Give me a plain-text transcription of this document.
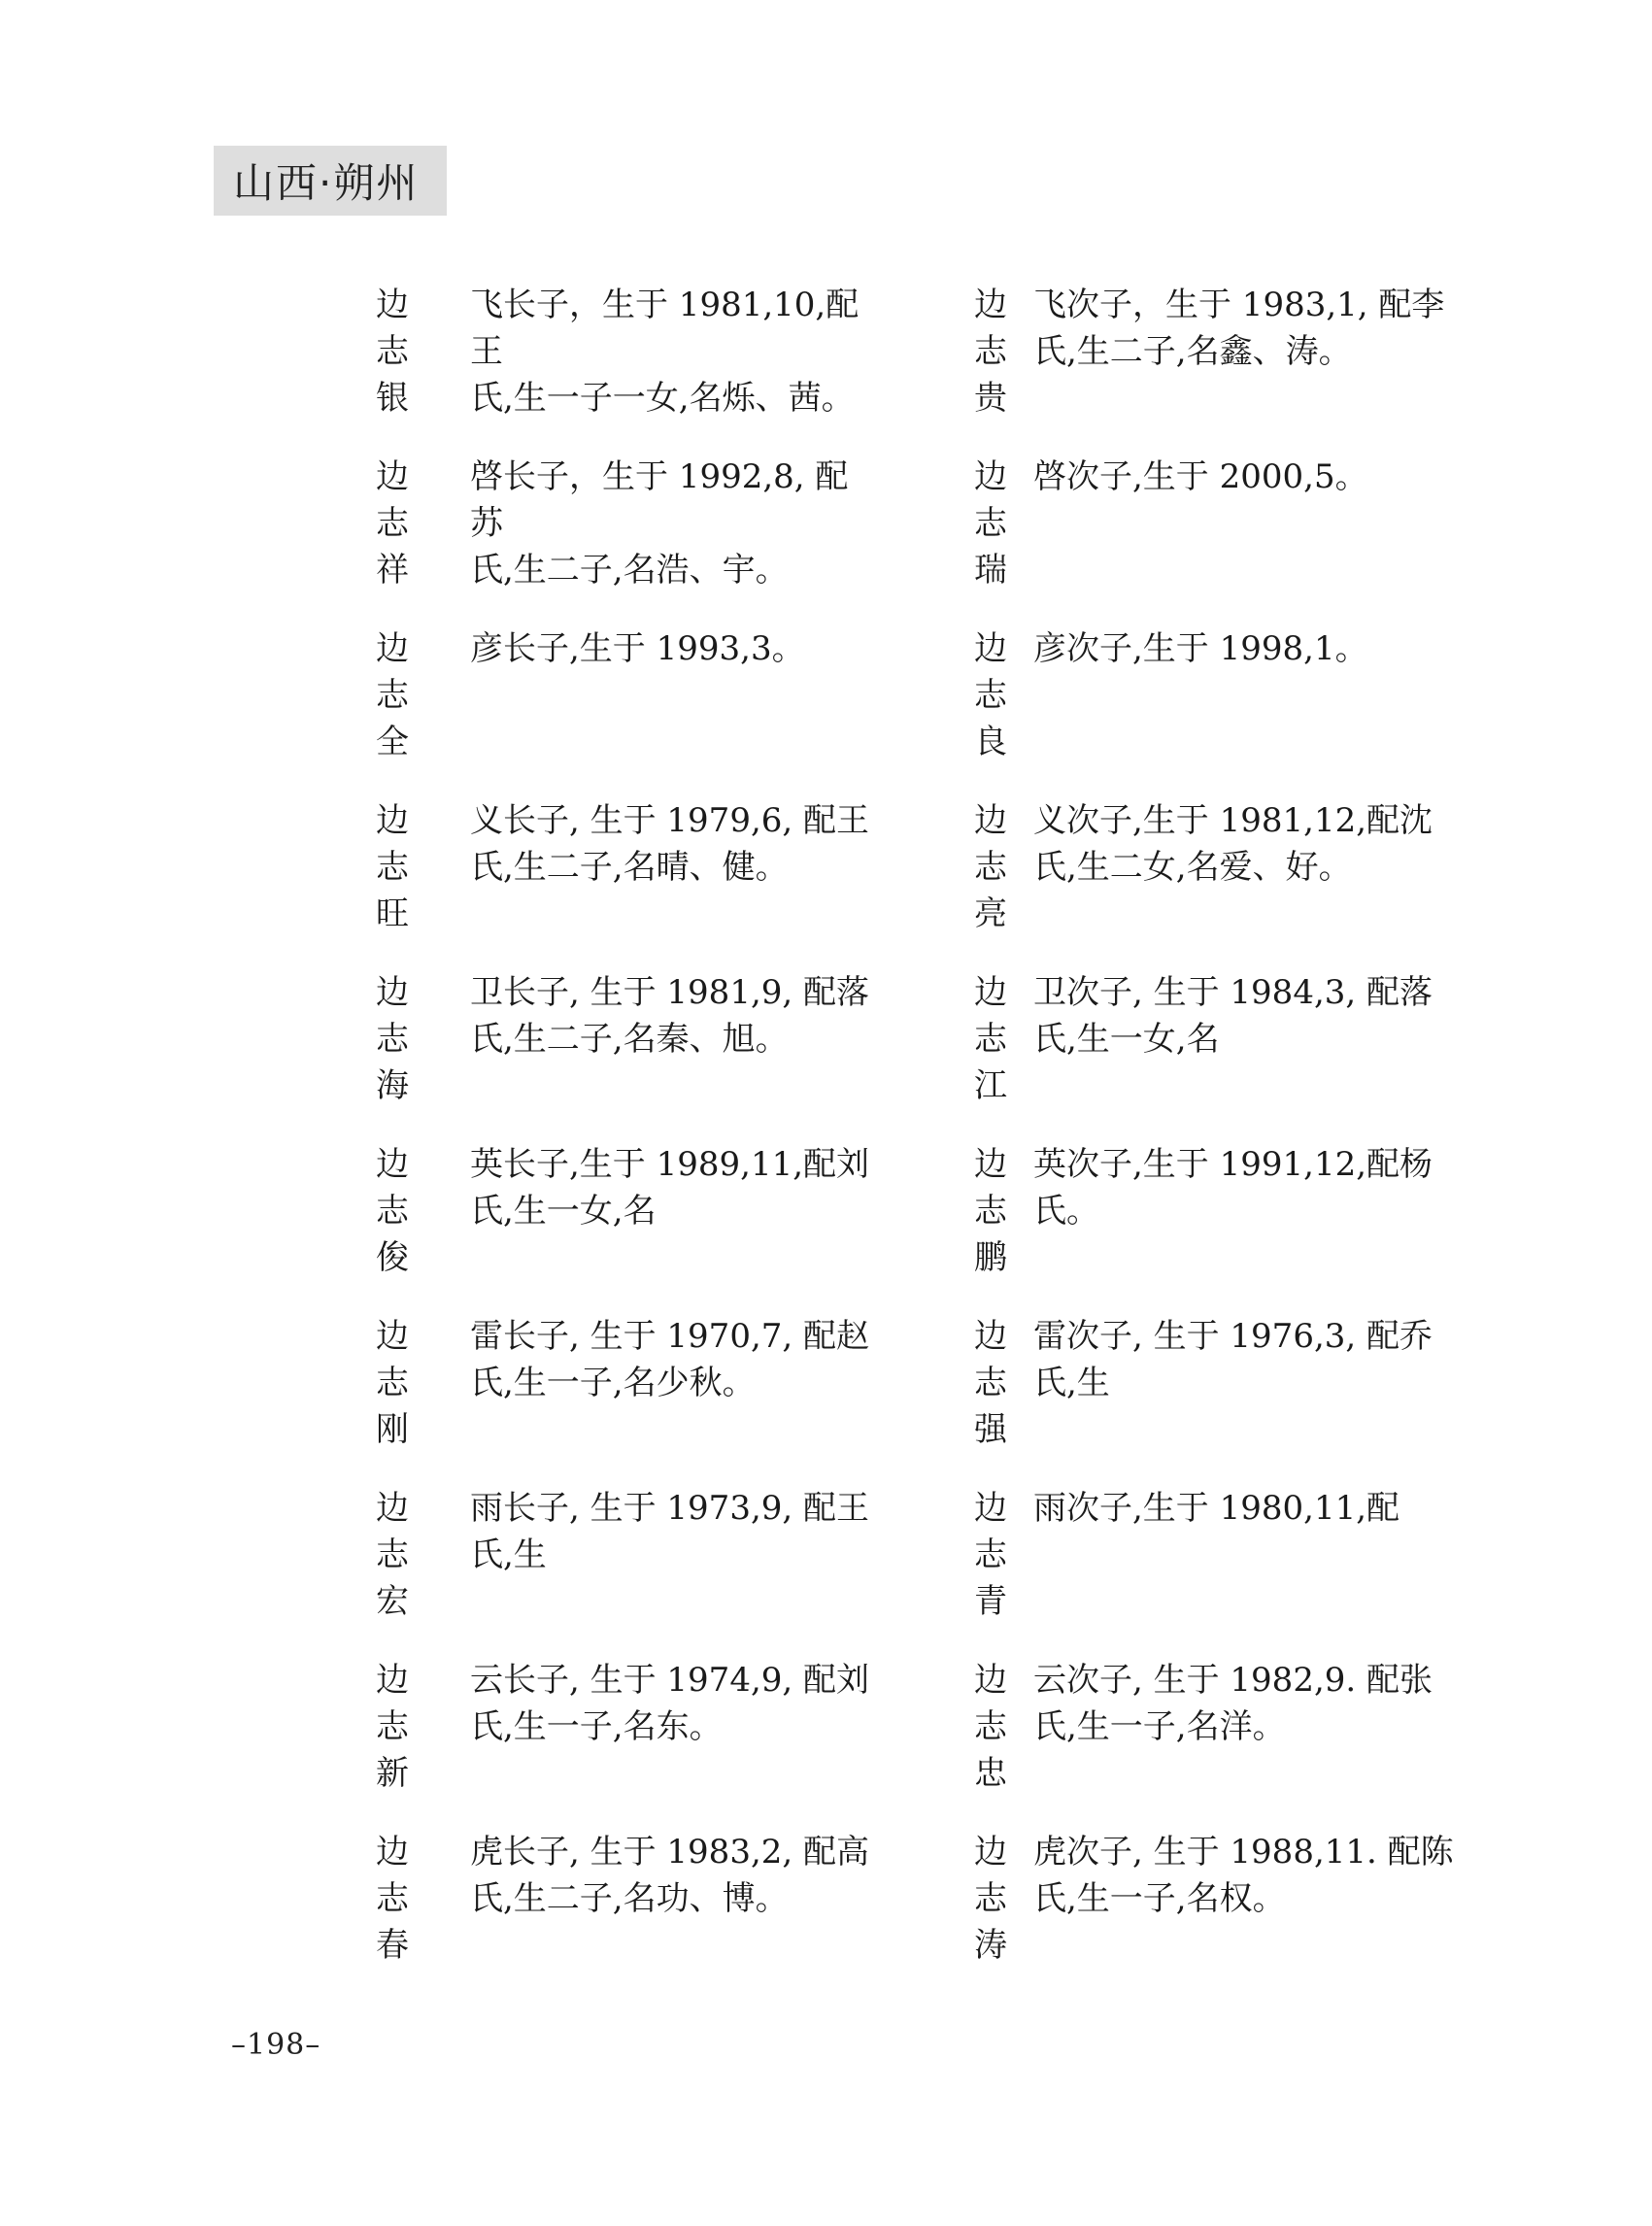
山西·朔州
边
志
银
飞长子，生于 1981,10,配王
氏,生一子一女,名烁、茜。
边
志
贵
飞次子，生于 1983,1, 配李
氏,生二子,名鑫、涛。
边
志
祥
啓长子，生于 1992,8, 配苏
氏,生二子,名浩、宇。
边
志
瑞
啓次子,生于 2000,5。
边
志
全
彦长子,生于 1993,3。	边
志
良
彦次子,生于 1998,1。
边
志
旺
义长子, 生于 1979,6, 配王
氏,生二子,名晴、健。
边
志
亮
义次子,生于 1981,12,配沈
氏,生二女,名爱、好。
边
志
海
卫长子, 生于 1981,9, 配落
氏,生二子,名秦、旭。
边
志
江
卫次子, 生于 1984,3, 配落
氏,生一女,名
边
志
俊
英长子,生于 1989,11,配刘
氏,生一女,名
边
志
鹏
英次子,生于 1991,12,配杨
氏。
边
志
刚
雷长子, 生于 1970,7, 配赵
氏,生一子,名少秋。
边
志
强
雷次子, 生于 1976,3, 配乔
氏,生
边
志
宏
雨长子, 生于 1973,9, 配王
氏,生
边
志
青
雨次子,生于 1980,11,配
边
志
新
云长子, 生于 1974,9, 配刘
氏,生一子,名东。
边
志
忠
云次子, 生于 1982,9. 配张
氏,生一子,名洋。
边
志
春
虎长子, 生于 1983,2, 配高
氏,生二子,名功、博。
边
志
涛
虎次子, 生于 1988,11. 配陈
氏,生一子,名权。
–198–
